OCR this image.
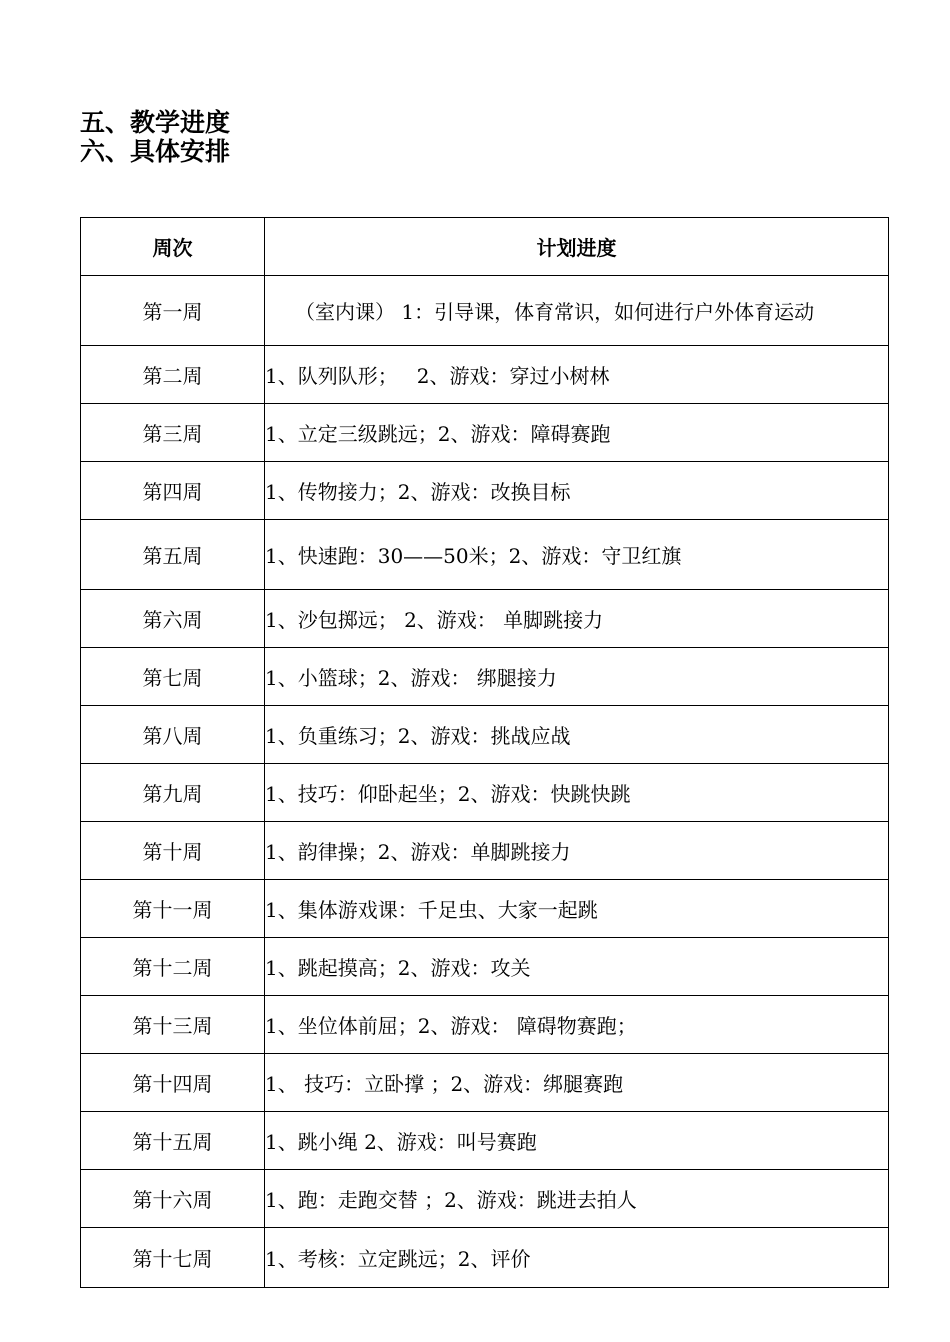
五、教学进度
六、具体安排
周次	计划进度
第一周	（室内课） 1：引导课，体育常识，如何进行户外体育运动
第二周	1、队列队形；   2、游戏：穿过小树林
第三周	1、立定三级跳远；2、游戏：障碍赛跑
第四周	1、传物接力；2、游戏：改换目标
第五周	1、快速跑：30——50米；2、游戏：守卫红旗
第六周	1、沙包掷远； 2、游戏： 单脚跳接力
第七周	1、小篮球；2、游戏： 绑腿接力
第八周	1、负重练习；2、游戏：挑战应战
第九周	1、技巧：仰卧起坐；2、游戏：快跳快跳
第十周	1、韵律操；2、游戏：单脚跳接力
第十一周	1、集体游戏课：千足虫、大家一起跳
第十二周	1、跳起摸高；2、游戏：攻关
第十三周	1、坐位体前屈；2、游戏： 障碍物赛跑；
第十四周	1、 技巧：立卧撑 ；2、游戏：绑腿赛跑
第十五周	1、跳小绳 2、游戏：叫号赛跑
第十六周	1、跑：走跑交替 ；2、游戏：跳进去拍人
第十七周	1、考核：立定跳远；2、评价
